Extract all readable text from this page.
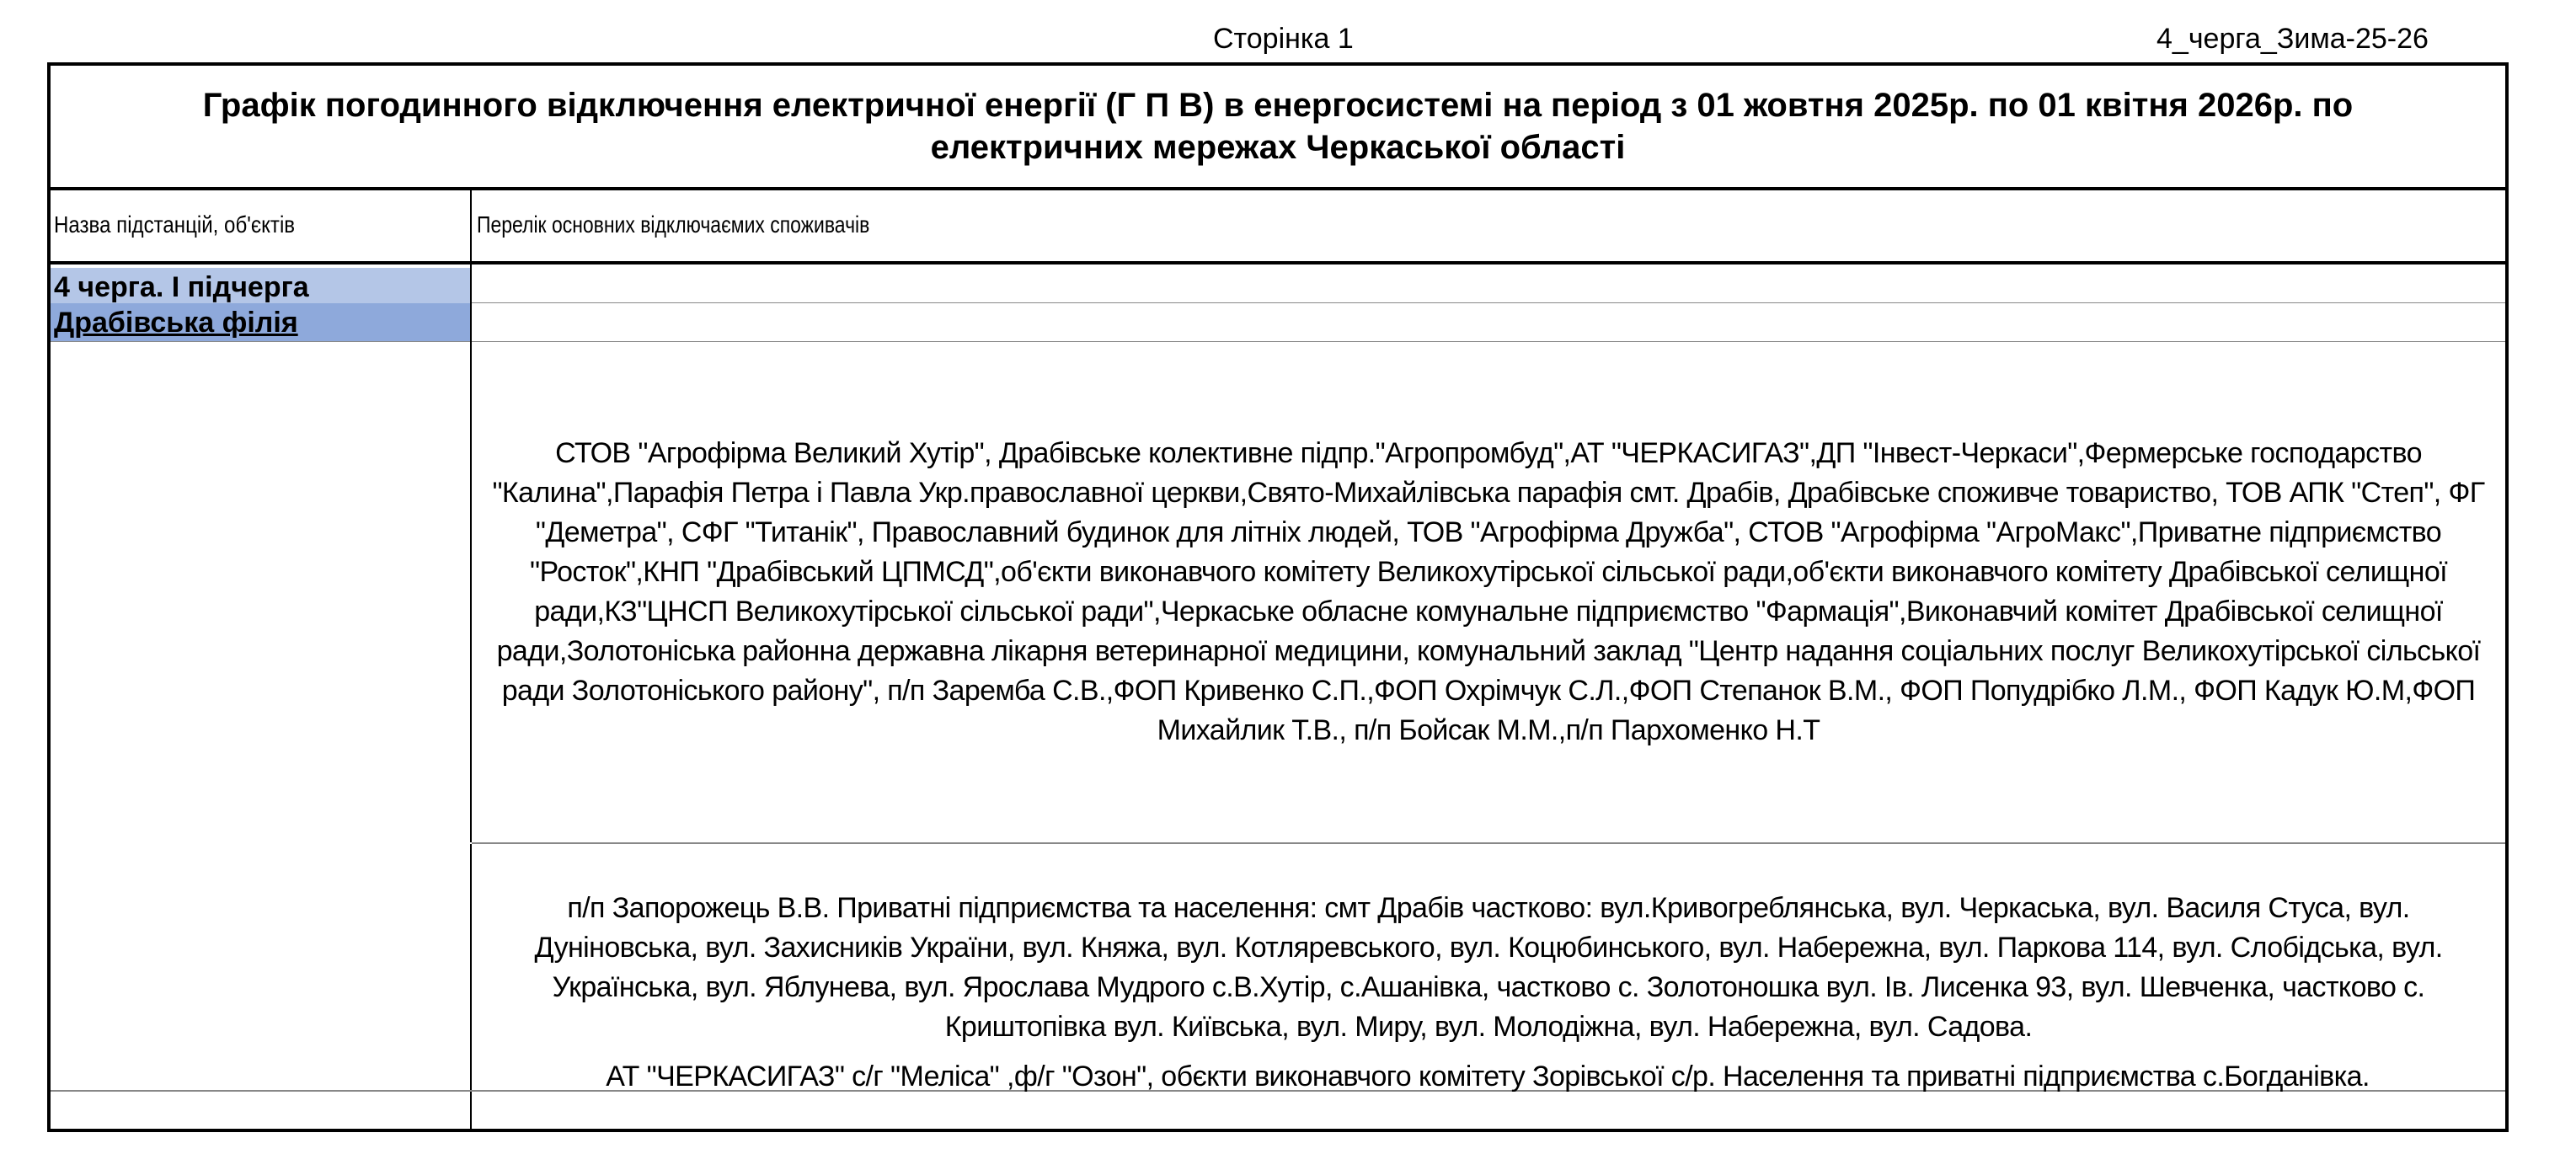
Сторінка 1	4_черга_Зима-25-26
Графік погодинного відключення електричної енергії (Г П В) в енергосистемі на період з 01 жовтня 2025р. по 01 квітня 2026р. по
електричних мережах Черкаської області
Назва підстанцій, об'єктів	Перелік основних відключаємих споживачів
4 черга. І підчерга
Драбівська філія
СТОВ "Агрофірма Великий Хутір", Драбівське колективне підпр."Агропромбуд",АТ "ЧЕРКАСИГАЗ",ДП "Інвест-Черкаси",Фермерське господарство "Калина",Парафія Петра і Павла Укр.православної церкви,Свято-Михайлівська парафія смт. Драбів, Драбівське споживче товариство, ТОВ АПК "Степ", ФГ "Деметра", СФГ "Титанік", Православний будинок для літніх людей, ТОВ "Агрофірма Дружба", СТОВ "Агрофірма "АгроМакс",Приватне підприємство "Росток",КНП "Драбівський ЦПМСД",об'єкти виконавчого комітету Великохутірської сільської ради,об'єкти виконавчого комітету Драбівської селищної ради,КЗ"ЦНСП Великохутірської сільської ради",Черкаське обласне комунальне підприємство "Фармація",Виконавчий комітет Драбівської селищної ради,Золотоніська районна державна лікарня ветеринарної медицини, комунальний заклад "Центр надання соціальних послуг Великохутірської сільської ради Золотоніського району", п/п Заремба С.В.,ФОП Кривенко С.П.,ФОП Охрімчук С.Л.,ФОП Степанок В.М., ФОП Попудрібко Л.М., ФОП Кадук Ю.М,ФОП Михайлик Т.В., п/п Бойсак М.М.,п/п Пархоменко Н.Т
п/п Запорожець В.В. Приватні підприємства та населення: смт Драбів частково: вул.Кривогреблянська, вул. Черкаська, вул. Василя Стуса, вул. Дуніновська, вул. Захисників України, вул. Княжа, вул. Котляревського, вул. Коцюбинського, вул. Набережна, вул. Паркова 114, вул. Слобідська, вул. Українська, вул. Яблунева, вул. Ярослава Мудрого с.В.Хутір, с.Ашанівка, частково с. Золотоношка вул. Ів. Лисенка 93, вул. Шевченка, частково с. Криштопівка вул. Київська, вул. Миру, вул. Молодіжна, вул. Набережна, вул. Садова.
АТ "ЧЕРКАСИГАЗ" с/г "Меліса" ,ф/г "Озон", обєкти виконавчого комітету Зорівської с/р. Населення та приватні підприємства с.Богданівка.
